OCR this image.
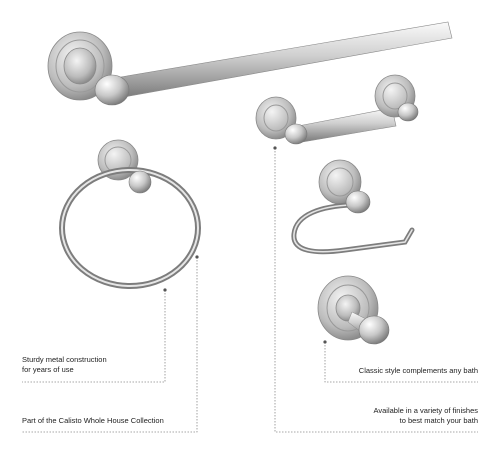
Sturdy metal construction
for years of use
Part of the Calisto Whole House Collection
Classic style complements any bath
Available in a variety of finishes
to best match your bath
